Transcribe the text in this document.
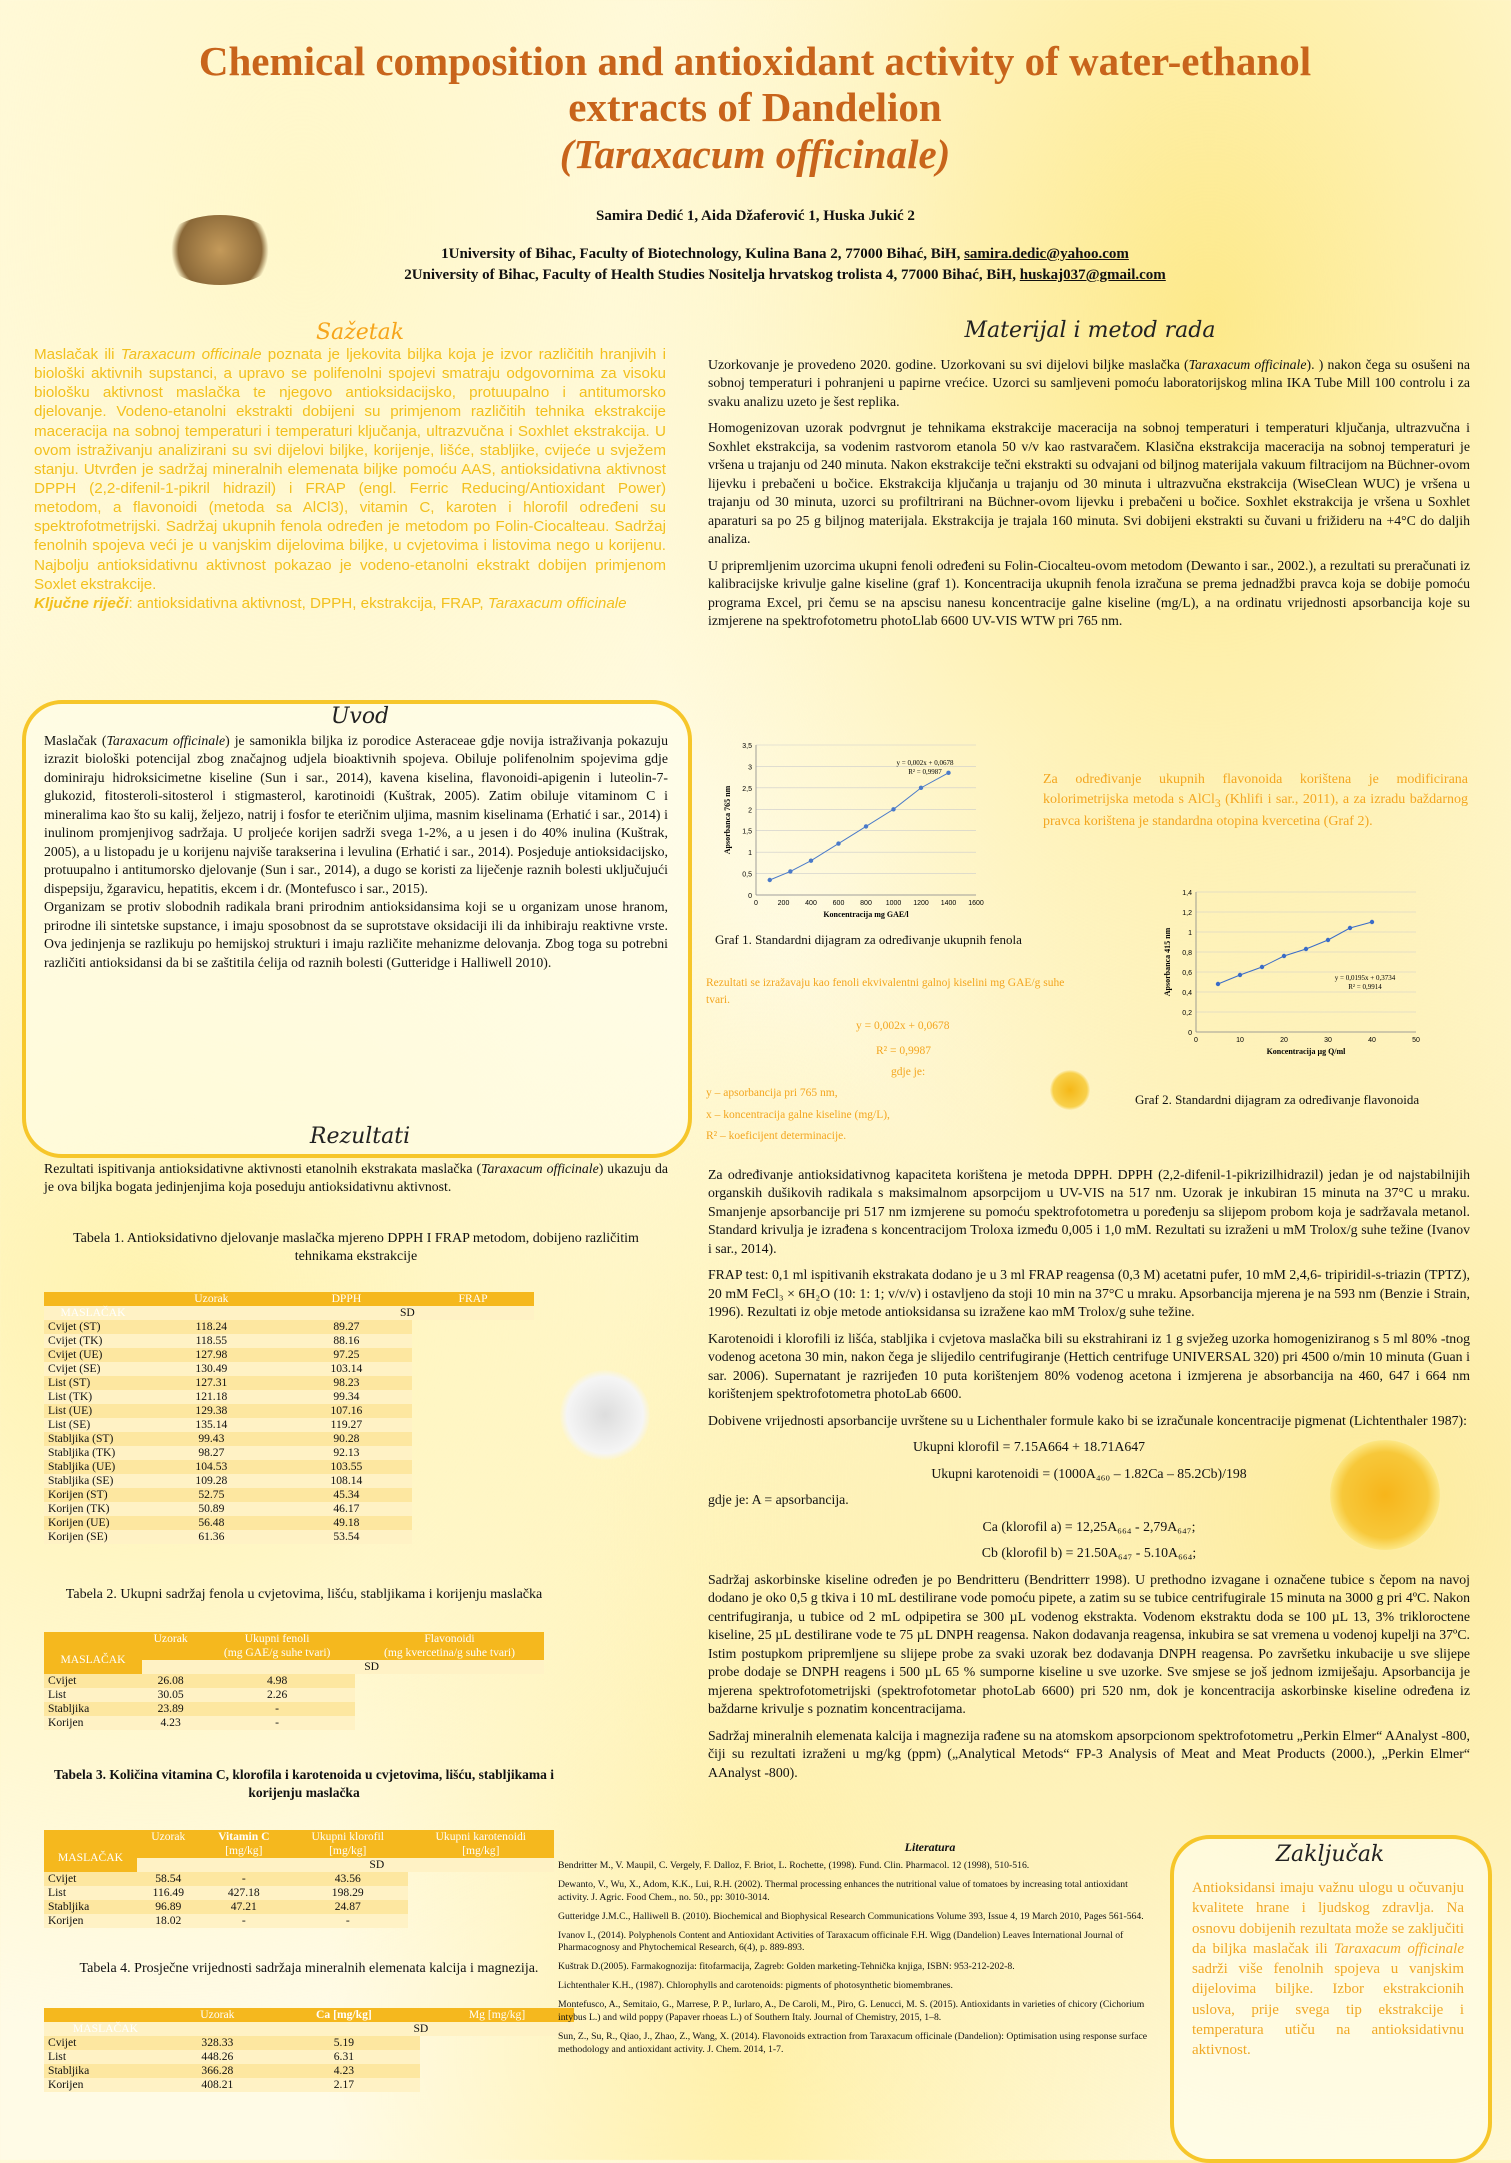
Chemical composition and antioxidant activity of water-ethanol
extracts of Dandelion
(Taraxacum officinale)
Samira Dedić 1, Aida Džaferović 1, Huska Jukić 2
1University of Bihac, Faculty of Biotechnology, Kulina Bana 2, 77000 Bihać, BiH, samira.dedic@yahoo.com
2University of Bihac, Faculty of Health Studies Nositelja hrvatskog trolista 4, 77000 Bihać, BiH, huskaj037@gmail.com
Sažetak
Maslačak ili Taraxacum officinale poznata je ljekovita biljka koja je izvor različitih hranjivih i biološki aktivnih supstanci, a upravo se polifenolni spojevi smatraju odgovornima za visoku biološku aktivnost maslačka te njegovo antioksidacijsko, protuupalno i antitumorsko djelovanje. Vodeno-etanolni ekstrakti dobijeni su primjenom različitih tehnika ekstrakcije maceracija na sobnoj temperaturi i temperaturi ključanja, ultrazvučna i Soxhlet ekstrakcija. U ovom istraživanju analizirani su svi dijelovi biljke, korijenje, lišće, stabljike, cvijeće u svježem stanju. Utvrđen je sadržaj mineralnih elemenata biljke pomoću AAS, antioksidativna aktivnost DPPH (2,2-difenil-1-pikril hidrazil) i FRAP (engl. Ferric Reducing/Antioxidant Power) metodom, a flavonoidi (metoda sa AlCl3), vitamin C, karoten i hlorofil određeni su spektrofotmetrijski. Sadržaj ukupnih fenola određen je metodom po Folin-Ciocalteau. Sadržaj fenolnih spojeva veći je u vanjskim dijelovima biljke, u cvjetovima i listovima nego u korijenu. Najbolju antioksidativnu aktivnost pokazao je vodeno-etanolni ekstrakt dobijen primjenom Soxlet ekstrakcije.
Ključne riječi: antioksidativna aktivnost, DPPH, ekstrakcija, FRAP, Taraxacum officinale
Uvod
Maslačak (Taraxacum officinale) je samonikla biljka iz porodice Asteraceae gdje novija istraživanja pokazuju izrazit biološki potencijal zbog značajnog udjela bioaktivnih spojeva. Obiluje polifenolnim spojevima gdje dominiraju hidroksicimetne kiseline (Sun i sar., 2014), kavena kiselina, flavonoidi-apigenin i luteolin-7- glukozid, fitosteroli-sitosterol i stigmasterol, karotinoidi (Kuštrak, 2005). Zatim obiluje vitaminom C i mineralima kao što su kalij, željezo, natrij i fosfor te eteričnim uljima, masnim kiselinama (Erhatić i sar., 2014) i inulinom promjenjivog sadržaja. U proljeće korijen sadrži svega 1-2%, a u jesen i do 40% inulina (Kuštrak, 2005), a u listopadu je u korijenu najviše tarakserina i levulina (Erhatić i sar., 2014). Posjeduje antioksidacijsko, protuupalno i antitumorsko djelovanje (Sun i sar., 2014), a dugo se koristi za liječenje raznih bolesti uključujući dispepsiju, žgaravicu, hepatitis, ekcem i dr. (Montefusco i sar., 2015).
Organizam se protiv slobodnih radikala brani prirodnim antioksidansima koji se u organizam unose hranom, prirodne ili sintetske supstance, i imaju sposobnost da se suprotstave oksidaciji ili da inhibiraju reaktivne vrste. Ova jedinjenja se razlikuju po hemijskoj strukturi i imaju različite mehanizme delovanja. Zbog toga su potrebni različiti antioksidansi da bi se zaštitila ćelija od raznih bolesti (Gutteridge i Halliwell 2010).
Rezultati
Rezultati ispitivanja antioksidativne aktivnosti etanolnih ekstrakata maslačka (Taraxacum officinale) ukazuju da je ova biljka bogata jedinjenjima koja poseduju antioksidativnu aktivnost.
Tabela 1. Antioksidativno djelovanje maslačka mjereno DPPH I FRAP metodom, dobijeno različitim tehnikama ekstrakcije
	Uzorak	DPPH	FRAP
MASLAČAK		SD	
Cvijet (ST)	118.24	89.27	
Cvijet (TK)	118.55	88.16	
Cvijet (UE)	127.98	97.25	
Cvijet (SE)	130.49	103.14	
List (ST)	127.31	98.23	
List (TK)	121.18	99.34	
List (UE)	129.38	107.16	
List (SE)	135.14	119.27	
Stabljika (ST)	99.43	90.28	
Stabljika (TK)	98.27	92.13	
Stabljika (UE)	104.53	103.55	
Stabljika (SE)	109.28	108.14	
Korijen (ST)	52.75	45.34	
Korijen (TK)	50.89	46.17	
Korijen (UE)	56.48	49.18	
Korijen (SE)	61.36	53.54	
Tabela 2. Ukupni sadržaj fenola u cvjetovima, lišću, stabljikama i korijenju maslačka
	Uzorak	Ukupni fenoli	Flavonoidi
MASLAČAK		(mg GAE/g suhe tvari)	(mg kvercetina/g suhe tvari)
		SD	
Cvijet	26.08	4.98	
List	30.05	2.26	
Stabljika	23.89	-	
Korijen	4.23	-	
Tabela 3. Količina vitamina C, klorofila i karotenoida u cvjetovima, lišću, stabljikama i korijenju maslačka
	Uzorak	Vitamin C	Ukupni klorofil	Ukupni karotenoidi
MASLAČAK		[mg/kg]	[mg/kg]	[mg/kg]
		SD		
Cvijet	58.54	-	43.56	
List	116.49	427.18	198.29	
Stabljika	96.89	47.21	24.87	
Korijen	18.02	-	-	
Tabela 4. Prosječne vrijednosti sadržaja mineralnih elemenata kalcija i magnezija.
	Uzorak	Ca [mg/kg]	Mg [mg/kg]
MASLAČAK		SD	
Cvijet	328.33	5.19	
List	448.26	6.31	
Stabljika	366.28	4.23	
Korijen	408.21	2.17	
Materijal i metod rada

Uzorkovanje je provedeno 2020. godine. Uzorkovani su svi dijelovi biljke maslačka (Taraxacum officinale). ) nakon čega su osušeni na sobnoj temperaturi i pohranjeni u papirne vrećice. Uzorci su samljeveni pomoću laboratorijskog mlina IKA Tube Mill 100 controlu i za svaku analizu uzeto je šest replika.

Homogenizovan uzorak podvrgnut je tehnikama ekstrakcije maceracija na sobnoj temperaturi i temperaturi ključanja, ultrazvučna i Soxhlet ekstrakcija, sa vodenim rastvorom etanola 50 v/v kao rastvaračem. Klasična ekstrakcija maceracija na sobnoj temperaturi je vršena u trajanju od 240 minuta. Nakon ekstrakcije tečni ekstrakti su odvajani od biljnog materijala vakuum filtracijom na Büchner-ovom lijevku i prebačeni u bočice. Ekstrakcija ključanja u trajanju od 30 minuta i ultrazvučna ekstrakcija (WiseClean WUC) je vršena u trajanju od 30 minuta, uzorci su profiltrirani na Büchner-ovom lijevku i prebačeni u bočice. Soxhlet ekstrakcija je vršena u Soxhlet aparaturi sa po 25 g biljnog materijala. Ekstrakcija je trajala 160 minuta. Svi dobijeni ekstrakti su čuvani u frižideru na +4°C do daljih analiza.

U pripremljenim uzorcima ukupni fenoli određeni su Folin-Ciocalteu-ovom metodom (Dewanto i sar., 2002.), a rezultati su preračunati iz kalibracijske krivulje galne kiseline (graf 1). Koncentracija ukupnih fenola izračuna se prema jednadžbi pravca koja se dobije pomoću programa Excel, pri čemu se na apscisu nanesu koncentracije galne kiseline (mg/L), a na ordinatu vrijednosti apsorbancija koje su izmjerene na spektrofotometru photoLlab 6600 UV-VIS WTW pri 765 nm.

0
0,5
1
1,5
2
2,5
3
3,5
0	200 400 600 800 1000 1200 1400 1600
Koncentracija mg GAE/l
Apsorbanca 765 nm
y = 0,002x + 0,0678
R² = 0,9987
Graf 1. Standardni dijagram za određivanje ukupnih fenola
Za određivanje ukupnih flavonoida korištena je modificirana kolorimetrijska metoda s AlCl$_3$ (Khlifi i sar., 2011), a za izradu baždarnog pravca korištena je standardna otopina kvercetina (Graf 2).
0
0,2
0,4
0,6
0,8
1
1,2
1,4
0	10	20	30	40	50
Koncentracija µg Q/ml
Apsorbanca 415 nm	y = 0,0195x + 0,3734
R² = 0,9914
Graf 2. Standardni dijagram za određivanje flavonoida
Rezultati se izražavaju kao fenoli ekvivalentni galnoj kiselini mg GAE/g suhe tvari.
y = 0,002x + 0,0678
R² = 0,9987
gdje je:
y – apsorbancija pri 765 nm,
x – koncentracija galne kiseline (mg/L),
R² – koeficijent determinacije.

Za određivanje antioksidativnog kapaciteta korištena je metoda DPPH. DPPH (2,2-difenil-1-pikrizilhidrazil) jedan je od najstabilnijih organskih dušikovih radikala s maksimalnom apsorpcijom u UV-VIS na 517 nm. Uzorak je inkubiran 15 minuta na 37°C u mraku. Smanjenje apsorbancije pri 517 nm izmjerene su pomoću spektrofotometra u poređenju sa slijepom probom koja je sadržavala metanol. Standard krivulja je izrađena s koncentracijom Troloxa između 0,005 i 1,0 mM. Rezultati su izraženi u mM Trolox/g suhe težine (Ivanov i sar., 2014).

FRAP test: 0,1 ml ispitivanih ekstrakata dodano je u 3 ml FRAP reagensa (0,3 M) acetatni pufer, 10 mM 2,4,6- tripiridil-s-triazin (TPTZ), 20 mM FeCl₃ × 6H₂O (10: 1: 1; v/v/v) i ostavljeno da stoji 10 min na 37°C u mraku. Apsorbancija mjerena je na 593 nm (Benzie i Strain, 1996). Rezultati iz obje metode antioksidansa su izražene kao mM Trolox/g suhe težine.

Karotenoidi i klorofili iz lišća, stabljika i cvjetova maslačka bili su ekstrahirani iz 1 g svježeg uzorka homogeniziranog s 5 ml 80% -tnog vodenog acetona 30 min, nakon čega je slijedilo centrifugiranje (Hettich centrifuge UNIVERSAL 320) pri 4500 o/min 10 minuta (Guan i sar. 2006). Supernatant je razrijeđen 10 puta korištenjem 80% vodenog acetona i izmjerena je absorbancija na 460, 647 i 664 nm korištenjem spektrofotometra photoLab 6600.

Dobivene vrijednosti apsorbancije uvrštene su u Lichenthaler formule kako bi se izračunale koncentracije pigmenat (Lichtenthaler 1987):

Ukupni klorofil = 7.15A664 + 18.71A647

Ukupni karotenoidi = (1000A₄₆₀ – 1.82Ca – 85.2Cb)/198

gdje je: A = apsorbancija.

Ca (klorofil a) = 12,25A₆₆₄ - 2,79A₆₄₇;

Cb (klorofil b) = 21.50A₆₄₇ - 5.10A₆₆₄;

Sadržaj askorbinske kiseline određen je po Bendritteru (Bendritterr 1998). U prethodno izvagane i označene tubice s čepom na navoj dodano je oko 0,5 g tkiva i 10 mL destilirane vode pomoću pipete, a zatim su se tubice centrifugirale 15 minuta na 3000 g pri 4ºC. Nakon centrifugiranja, u tubice od 2 mL odpipetira se 300 µL vodenog ekstrakta. Vodenom ekstraktu doda se 100 µL 13, 3% trikloroctene kiseline, 25 µL destilirane vode te 75 µL DNPH reagensa. Nakon dodavanja reagensa, inkubira se sat vremena u vodenoj kupelji na 37ºC. Istim postupkom pripremljene su slijepe probe za svaki uzorak bez dodavanja DNPH reagensa. Po završetku inkubacije u sve slijepe probe dodaje se DNPH reagens i 500 µL 65 % sumporne kiseline u sve uzorke. Sve smjese se još jednom izmiješaju. Apsorbancija je mjerena spektrofotometrijski (spektrofotometar photoLab 6600) pri 520 nm, dok je koncentracija askorbinske kiseline određena iz baždarne krivulje s poznatim koncentracijama.

Sadržaj mineralnih elemenata kalcija i magnezija rađene su na atomskom apsorpcionom spektrofotometru „Perkin Elmer“ AAnalyst -800, čiji su rezultati izraženi u mg/kg (ppm) („Analytical Metods“ FP-3 Analysis of Meat and Meat Products (2000.), „Perkin Elmer“ AAnalyst -800).

Literatura

Bendritter M., V. Maupil, C. Vergely, F. Dalloz, F. Briot, L. Rochette, (1998). Fund. Clin. Pharmacol. 12 (1998), 510-516.

Dewanto, V., Wu, X., Adom, K.K., Lui, R.H. (2002). Thermal processing enhances the nutritional value of tomatoes by increasing total antioxidant activity. J. Agric. Food Chem., no. 50., pp: 3010-3014.

Gutteridge J.M.C., Halliwell B. (2010). Biochemical and Biophysical Research Communications Volume 393, Issue 4, 19 March 2010, Pages 561-564.

Ivanov I., (2014). Polyphenols Content and Antioxidant Activities of Taraxacum officinale F.H. Wigg (Dandelion) Leaves International Journal of Pharmacognosy and Phytochemical Research, 6(4), p. 889-893.

Kuštrak D.(2005). Farmakognozija: fitofarmacija, Zagreb: Golden marketing-Tehnička knjiga, ISBN: 953-212-202-8.

Lichtenthaler K.H., (1987). Chlorophylls and carotenoids: pigments of photosynthetic biomembranes.

Montefusco, A., Semitaio, G., Marrese, P. P., Iurlaro, A., De Caroli, M., Piro, G. Lenucci, M. S. (2015). Antioxidants in varieties of chicory (Cichorium intybus L.) and wild poppy (Papaver rhoeas L.) of Southern Italy. Journal of Chemistry, 2015, 1–8.

Sun, Z., Su, R., Qiao, J., Zhao, Z., Wang, X. (2014). Flavonoids extraction from Taraxacum officinale (Dandelion): Optimisation using response surface methodology and antioxidant activity. J. Chem. 2014, 1-7.

Zaključak
Antioksidansi imaju važnu ulogu u očuvanju kvalitete hrane i ljudskog zdravlja. Na osnovu dobijenih rezultata može se zaključiti da biljka maslačak ili Taraxacum officinale sadrži više fenolnih spojeva u vanjskim dijelovima biljke. Izbor ekstrakcionih uslova, prije svega tip ekstrakcije i temperatura utiču na antioksidativnu aktivnost.
